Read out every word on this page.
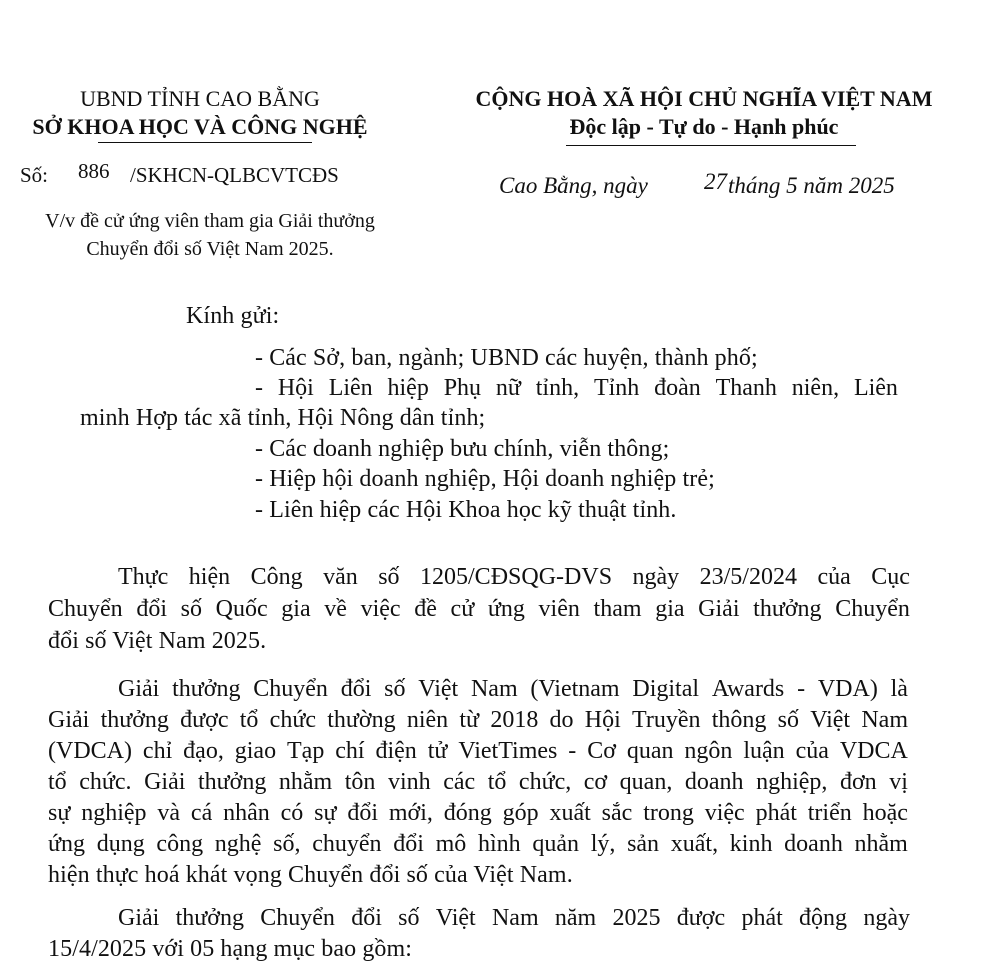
UBND TỈNH CAO BẰNG
SỞ KHOA HỌC VÀ CÔNG NGHỆ
CỘNG HOÀ XÃ HỘI CHỦ NGHĨA VIỆT NAM
Độc lập - Tự do - Hạnh phúc
Số: 886 /SKHCN-QLBCVTCĐS	Cao Bằng, ngày 27 tháng 5 năm 2025
V/v đề cử ứng viên tham gia Giải thưởng
Chuyển đổi số Việt Nam 2025.
Kính gửi:
- Các Sở, ban, ngành; UBND các huyện, thành phố;
- Hội Liên hiệp Phụ nữ tỉnh, Tỉnh đoàn Thanh niên, Liên
minh Hợp tác xã tỉnh, Hội Nông dân tỉnh;
- Các doanh nghiệp bưu chính, viễn thông;
- Hiệp hội doanh nghiệp, Hội doanh nghiệp trẻ;
- Liên hiệp các Hội Khoa học kỹ thuật tỉnh.
Thực hiện Công văn số 1205/CĐSQG-DVS ngày 23/5/2024 của Cục
Chuyển đổi số Quốc gia về việc đề cử ứng viên tham gia Giải thưởng Chuyển
đổi số Việt Nam 2025.
Giải thưởng Chuyển đổi số Việt Nam (Vietnam Digital Awards - VDA) là
Giải thưởng được tổ chức thường niên từ 2018 do Hội Truyền thông số Việt Nam
(VDCA) chỉ đạo, giao Tạp chí điện tử VietTimes - Cơ quan ngôn luận của VDCA
tổ chức. Giải thưởng nhằm tôn vinh các tổ chức, cơ quan, doanh nghiệp, đơn vị
sự nghiệp và cá nhân có sự đổi mới, đóng góp xuất sắc trong việc phát triển hoặc
ứng dụng công nghệ số, chuyển đổi mô hình quản lý, sản xuất, kinh doanh nhằm
hiện thực hoá khát vọng Chuyển đổi số của Việt Nam.
Giải thưởng Chuyển đổi số Việt Nam năm 2025 được phát động ngày
15/4/2025 với 05 hạng mục bao gồm:
